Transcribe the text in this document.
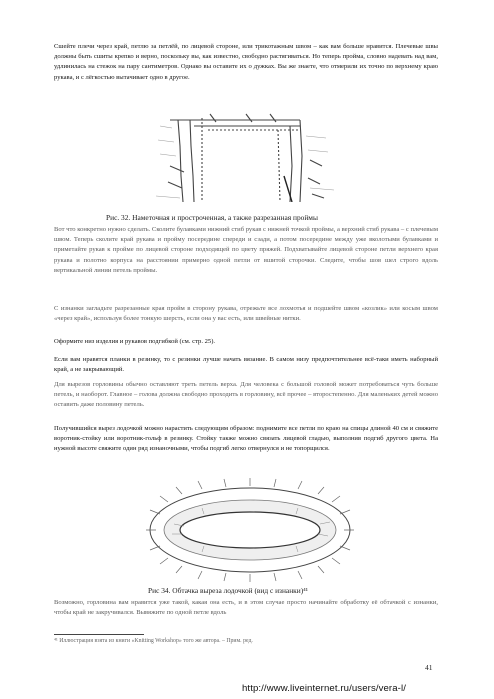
Сшейте плечи через край, петлю за петлёй, по лицевой стороне, или трикотажным швом – как вам больше нравится. Плечевые швы должны быть сшиты крепко и верно, поскольку вы, как известно, свободно растягиваться. Но теперь пройма, словно надевать над вам, удлинилась на стежок на пару сантиметров. Однако вы оставите их о дужках. Вы же знаете, что отмерили их точно по верхнему краю рукава, и с лёгкостью вытачивает одно в другое.

Рис. 32. Наметочная и простроченная, а также разрезанная проймы

Вот что конкретно нужно сделать. Сколите булавками нижний стиб рукав с нижней точкой проймы, а верхний стиб рукава – с плечевым швом. Теперь сколите край рукава и пройму посередине спереди и сзади, а потом посередине между уже вколотыми булавками и приметайте рукав к пройме по лицевой стороне подходящей по цвету пряжей. Подхватывайте лицевой стороне петли верхнего края рукава и полотно корпуса на расстоянии примерно одной петли от вшитой сторочки. Следите, чтобы шов шел строго вдоль вертикальной линии петель проймы.

С изнанки загладьте разрезанные края пройм в сторону рукава, отрежьте все лохмотья и подшейте швом «козлик» или косым швом «через край», используя более тонкую шерсть, если она у вас есть, или швейные нитки.

Оформите низ изделия и рукавов подгибкой (см. стр. 25).

Если вам нравятся планки в резинку, то с резинки лучше начать вязание. В самом низу предпочтительнее всё-таки иметь наборный край, а не закрывающий.

Для вырезов горловины обычно оставляют треть петель верха. Для человека с большой головой может потребоваться чуть больше петель, и наоборот. Главное – голова должна свободно проходить в горловину, всё прочее – второстепенно. Для маленьких детей можно оставить даже половину петель.

Получившийся вырез лодочкой можно нарастить следующим образом: поднимите все петли по краю на спицы длиной 40 см и свяжите воротник-стойку или воротник-гольф в резинку. Стойку также можно связать лицевой гладью, выполнив подгиб другого цвета. На нужной высоте свяжите один ряд изнаночными, чтобы подгиб легко отвернулся и не топорщился.

Рис 34. Обтачка выреза лодочкой (вид с изнанки)⁴¹

Возможно, горловина вам нравится уже такой, какая она есть, и в этом случае просто начинайте обработку её обтачкой с изнанки, чтобы край не закручивался. Вывяжите по одной петле вдоль

⁴¹ Иллюстрация взята из книги «Knitting Workshop» того же автора. – Прим. ред.
41
http://www.liveinternet.ru/users/vera-l/
